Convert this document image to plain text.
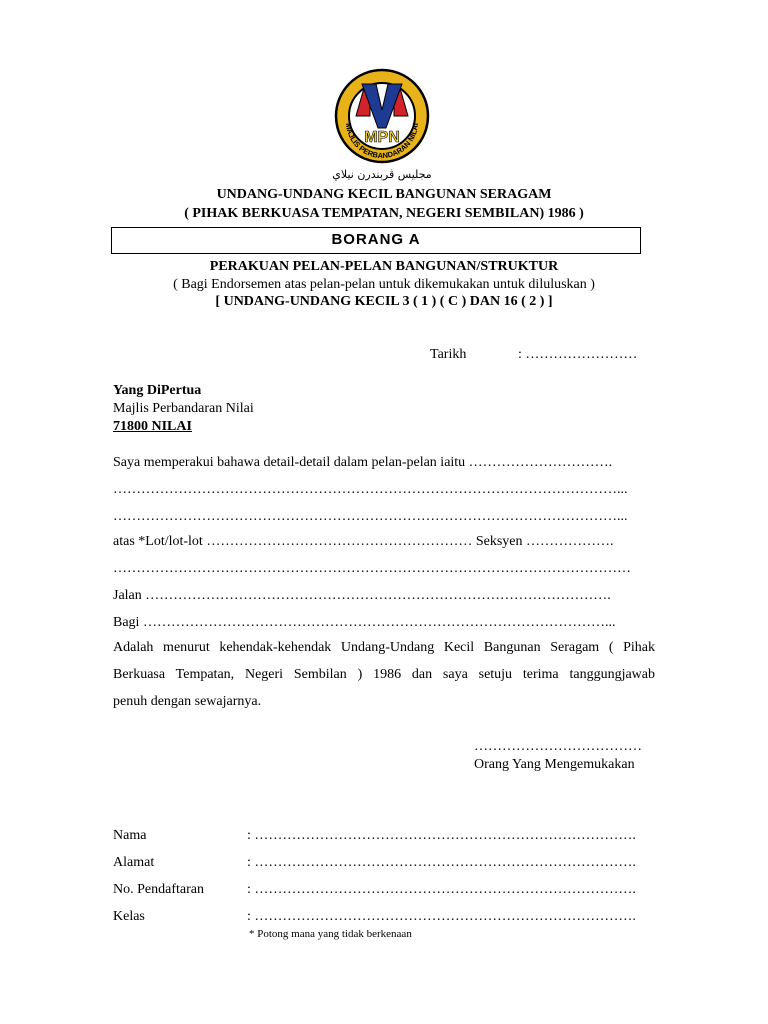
MPN
MAJLIS PERBANDARAN NILAI
مجليس ڤربندرن نيلاي
UNDANG-UNDANG KECIL BANGUNAN SERAGAM
( PIHAK BERKUASA TEMPATAN, NEGERI SEMBILAN) 1986 )
BORANG A
PERAKUAN PELAN-PELAN BANGUNAN/STRUKTUR
( Bagi Endorsemen atas pelan-pelan untuk dikemukakan untuk diluluskan )
[ UNDANG-UNDANG KECIL 3 ( 1 ) ( C ) DAN 16 ( 2 ) ]
Tarikh	: ……………………
Yang DiPertua
Majlis Perbandaran Nilai
71800 NILAI
Saya memperakui bahawa detail-detail dalam pelan-pelan iaitu ………………………….
………………………………………………………………………………………………...
………………………………………………………………………………………………...
atas *Lot/lot-lot ………………………………………………… Seksyen ……………….
…………………………………………………………………………………………………
Jalan ……………………………………………………………………………………….
Bagi ………………………………………………………………………………………...
Adalah menurut kehendak-kehendak Undang-Undang Kecil Bangunan Seragam ( Pihak
Berkuasa Tempatan, Negeri Sembilan ) 1986 dan saya setuju terima tanggungjawab
penuh dengan sewajarnya.
………………………………
Orang Yang Mengemukakan
Nama	: ……………………………………………………………………….
Alamat	: ……………………………………………………………………….
No. Pendaftaran	: ……………………………………………………………………….
Kelas	: ……………………………………………………………………….
* Potong mana yang tidak berkenaan
